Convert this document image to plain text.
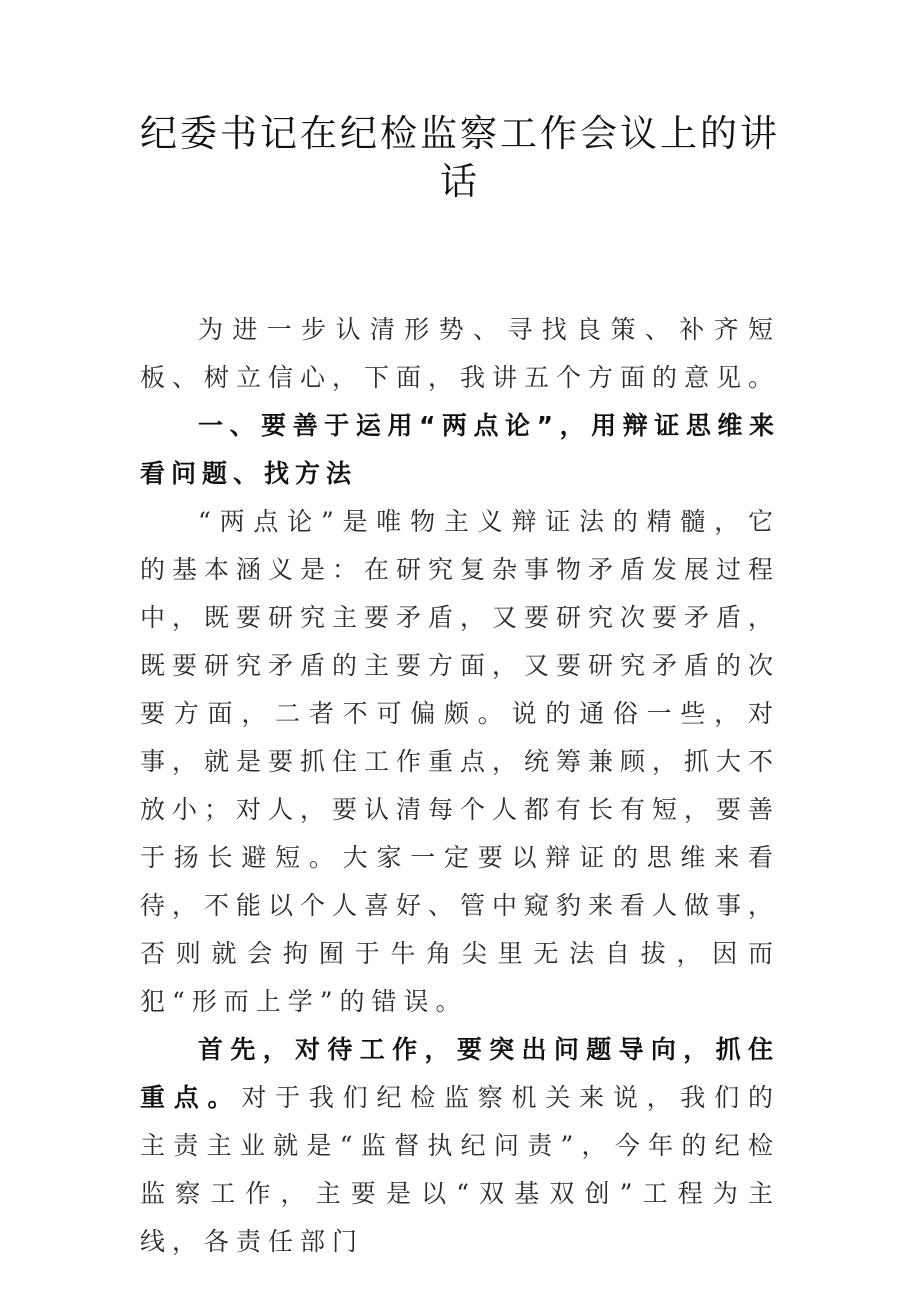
纪委书记在纪检监察工作会议上的讲话

为进一步认清形势、寻找良策、补齐短板、树立信心，下面，我讲五个方面的意见。

一、要善于运用“两点论”，用辩证思维来看问题、找方法

“两点论”是唯物主义辩证法的精髓，它的基本涵义是：在研究复杂事物矛盾发展过程中，既要研究主要矛盾，又要研究次要矛盾，既要研究矛盾的主要方面，又要研究矛盾的次要方面，二者不可偏颇。说的通俗一些，对事，就是要抓住工作重点，统筹兼顾，抓大不放小；对人，要认清每个人都有长有短，要善于扬长避短。大家一定要以辩证的思维来看待，不能以个人喜好、管中窥豹来看人做事，否则就会拘囿于牛角尖里无法自拔，因而犯“形而上学”的错误。

首先，对待工作，要突出问题导向，抓住重点。对于我们纪检监察机关来说，我们的主责主业就是“监督执纪问责”，今年的纪检监察工作，主要是以“双基双创”工程为主线，各责任部门
